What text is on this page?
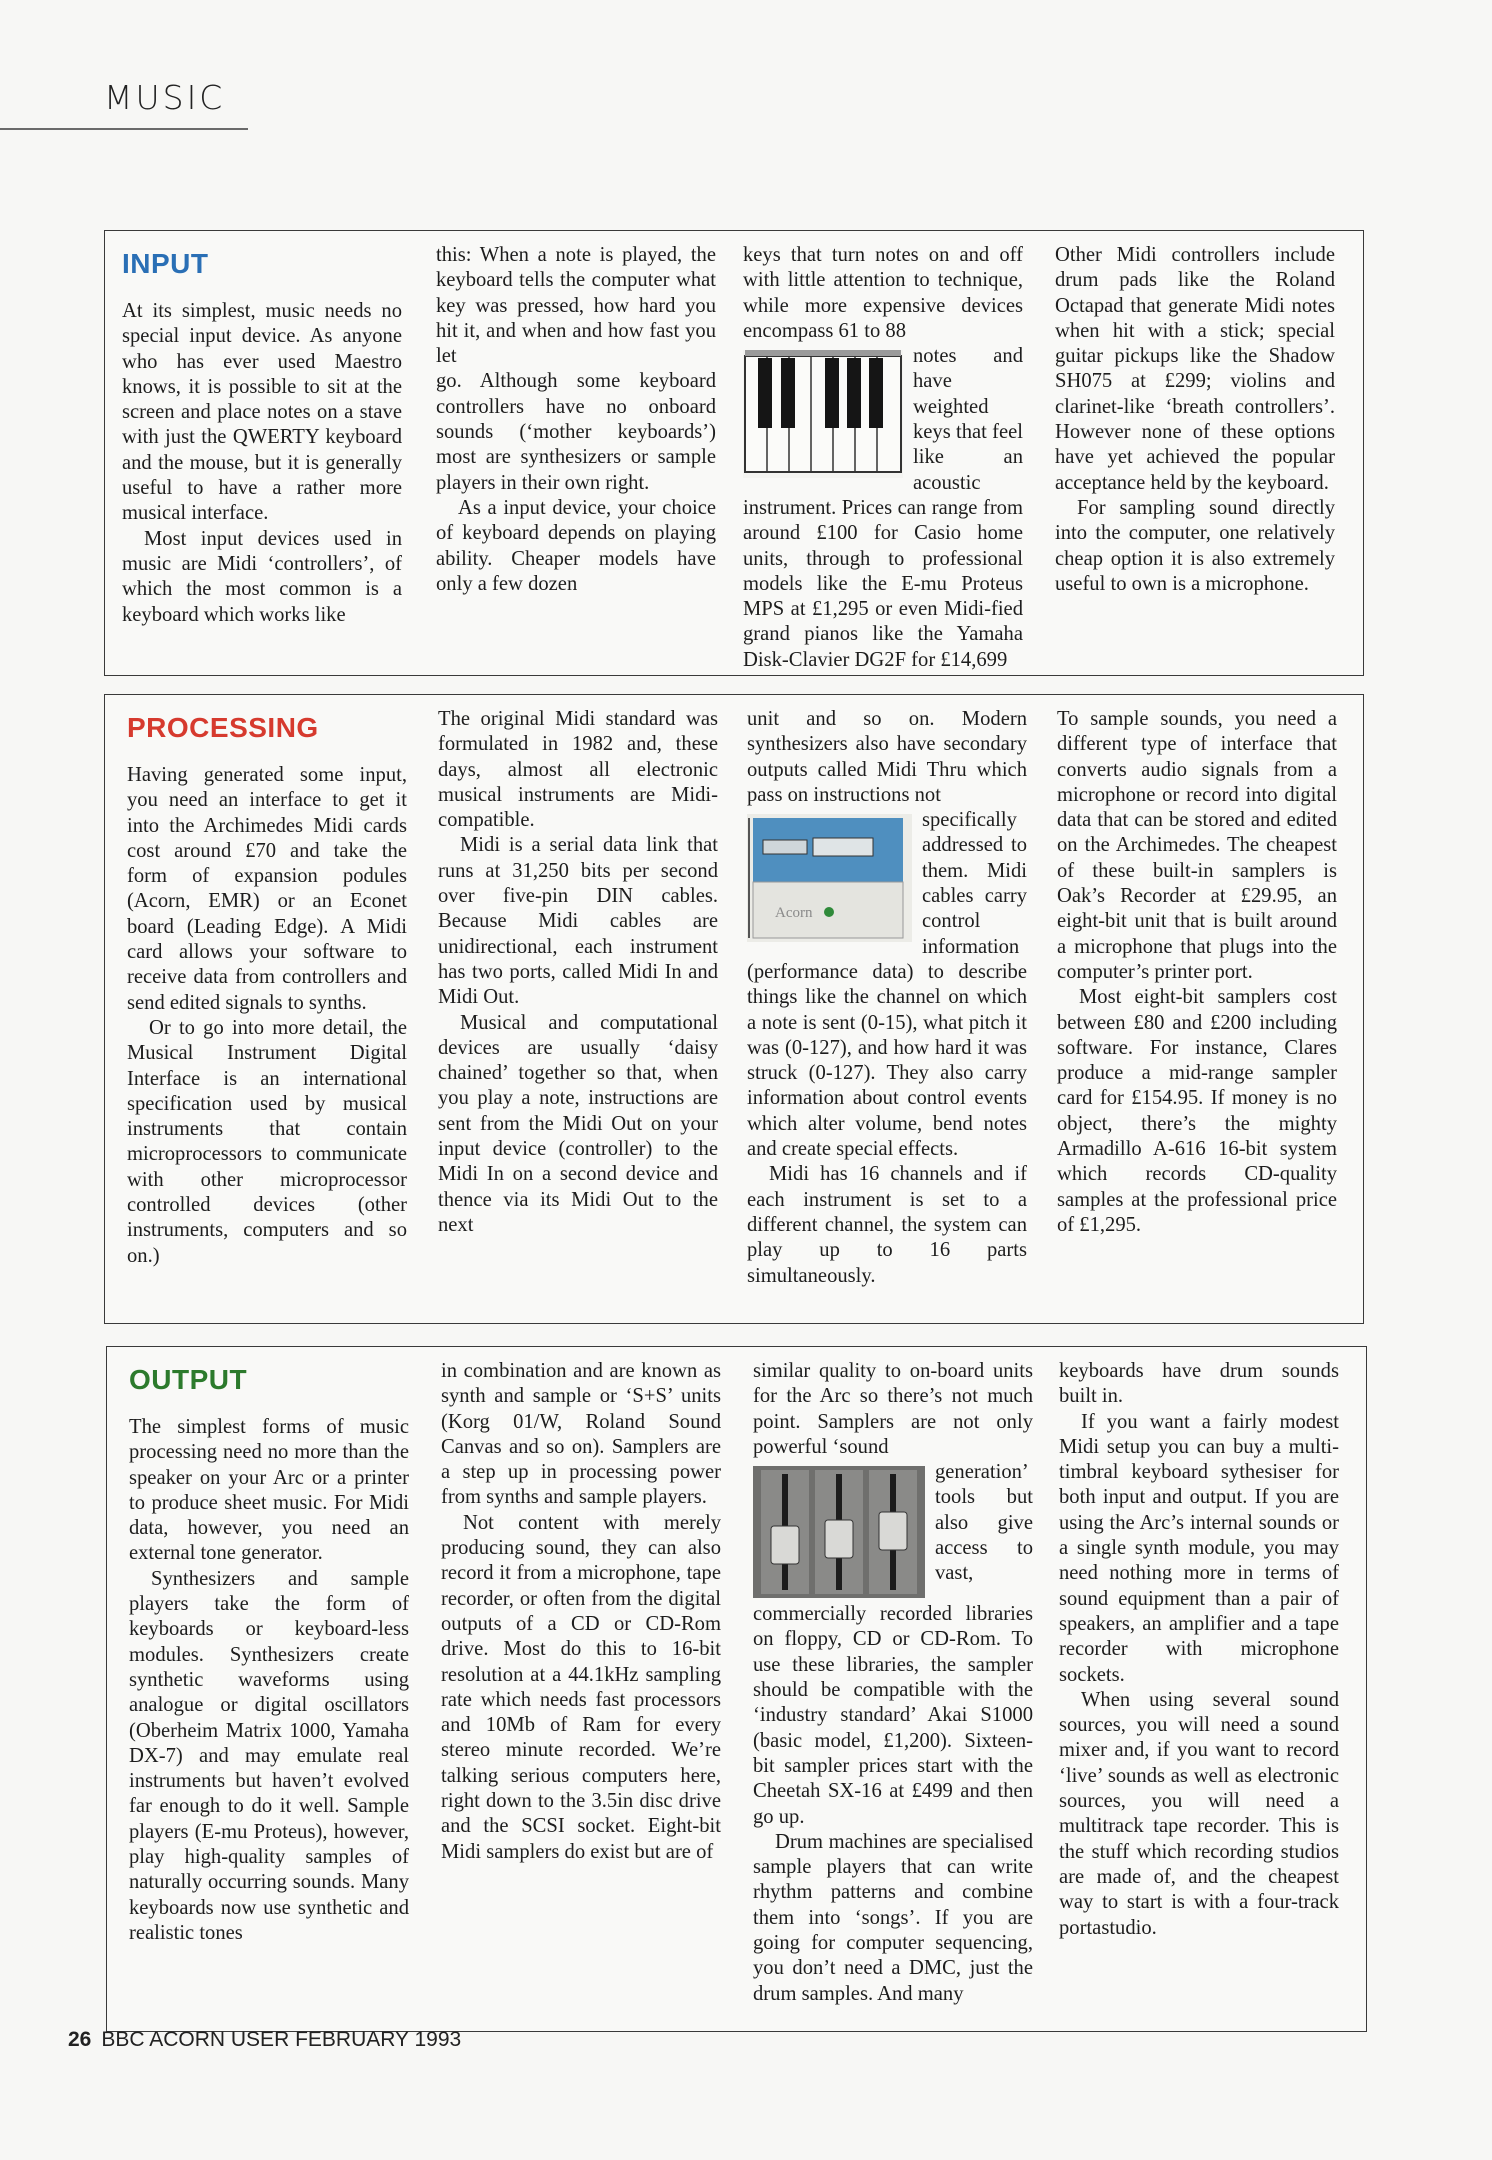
MUSIC
INPUT

At its simplest, music needs no special input device. As anyone who has ever used Maestro knows, it is possible to sit at the screen and place notes on a stave with just the QWERTY keyboard and the mouse, but it is generally useful to have a rather more musical interface.

Most input devices used in music are Midi ‘controllers’, of which the most common is a keyboard which works like

this: When a note is played, the keyboard tells the computer what key was pressed, how hard you hit it, and when and how fast you let

go. Although some keyboard controllers have no onboard sounds (‘mother keyboards’) most are synthesizers or sample players in their own right.

As a input device, your choice of keyboard depends on playing ability. Cheaper models have only a few dozen

keys that turn notes on and off with little attention to technique, while more expensive devices encompass 61 to 88

notes and have weighted keys that feel like an acoustic instrument. Prices can range from around £100 for Casio home units, through to professional models like the E-mu Proteus MPS at £1,295 or even Midi-fied grand pianos like the Yamaha Disk-Clavier DG2F for £14,699

Other Midi controllers include drum pads like the Roland Octapad that generate Midi notes when hit with a stick; special guitar pickups like the Shadow SH075 at £299; violins and clarinet-like ‘breath controllers’. However none of these options have yet achieved the popular acceptance held by the keyboard.

For sampling sound directly into the computer, one relatively cheap option it is also extremely useful to own is a microphone.

PROCESSING

Having generated some input, you need an interface to get it into the Archimedes Midi cards cost around £70 and take the form of expansion podules (Acorn, EMR) or an Econet board (Leading Edge). A Midi card allows your software to receive data from controllers and send edited signals to synths.

Or to go into more detail, the Musical Instrument Digital Interface is an international specification used by musical instruments that contain microprocessors to communicate with other microprocessor controlled devices (other instruments, computers and so on.)

The original Midi standard was formulated in 1982 and, these days, almost all electronic musical instruments are Midi-compatible.

Midi is a serial data link that runs at 31,250 bits per second over five-pin DIN cables. Because Midi cables are unidirectional, each instrument has two ports, called Midi In and Midi Out.

Musical and computational devices are usually ‘daisy chained’ together so that, when you play a note, instructions are sent from the Midi Out on your input device (controller) to the Midi In on a second device and thence via its Midi Out to the next

unit and so on. Modern synthesizers also have secondary outputs called Midi Thru which pass on instructions not

Acorn

specifically addressed to them. Midi cables carry control information (performance data) to describe things like the channel on which a note is sent (0-15), what pitch it was (0-127), and how hard it was struck (0-127). They also carry information about control events which alter volume, bend notes and create special effects.

Midi has 16 channels and if each instrument is set to a different channel, the system can play up to 16 parts simultaneously.

To sample sounds, you need a different type of interface that converts audio signals from a microphone or record into digital data that can be stored and edited on the Archimedes. The cheapest of these built-in samplers is Oak’s Recorder at £29.95, an eight-bit unit that is built around a microphone that plugs into the computer’s printer port.

Most eight-bit samplers cost between £80 and £200 including software. For instance, Clares produce a mid-range sampler card for £154.95. If money is no object, there’s the mighty Armadillo A-616 16-bit system which records CD-quality samples at the professional price of £1,295.

OUTPUT

The simplest forms of music processing need no more than the speaker on your Arc or a printer to produce sheet music. For Midi data, however, you need an external tone generator.

Synthesizers and sample players take the form of keyboards or keyboard-less modules. Synthesizers create synthetic waveforms using analogue or digital oscillators (Oberheim Matrix 1000, Yamaha DX-7) and may emulate real instruments but haven’t evolved far enough to do it well. Sample players (E-mu Proteus), however, play high-quality samples of naturally occurring sounds. Many keyboards now use synthetic and realistic tones

in combination and are known as synth and sample or ‘S+S’ units (Korg 01/W, Roland Sound Canvas and so on). Samplers are a step up in processing power from synths and sample players.

Not content with merely producing sound, they can also record it from a microphone, tape recorder, or often from the digital outputs of a CD or CD-Rom drive. Most do this to 16-bit resolution at a 44.1kHz sampling rate which needs fast processors and 10Mb of Ram for every stereo minute recorded. We’re talking serious computers here, right down to the 3.5in disc drive and the SCSI socket. Eight-bit Midi samplers do exist but are of

similar quality to on-board units for the Arc so there’s not much point. Samplers are not only powerful ‘sound

generation’ tools but also give access to vast, commercially recorded libraries on floppy, CD or CD-Rom. To use these libraries, the sampler should be compatible with the ‘industry standard’ Akai S1000 (basic model, £1,200). Sixteen-bit sampler prices start with the Cheetah SX-16 at £499 and then go up.

Drum machines are specialised sample players that can write rhythm patterns and combine them into ‘songs’. If you are going for computer sequencing, you don’t need a DMC, just the drum samples. And many

keyboards have drum sounds built in.

If you want a fairly modest Midi setup you can buy a multi-timbral keyboard sythesiser for both input and output. If you are using the Arc’s internal sounds or a single synth module, you may need nothing more in terms of sound equipment than a pair of speakers, an amplifier and a tape recorder with microphone sockets.

When using several sound sources, you will need a sound mixer and, if you want to record ‘live’ sounds as well as electronic sources, you will need a multitrack tape recorder. This is the stuff which recording studios are made of, and the cheapest way to start is with a four-track portastudio.

26 BBC ACORN USER FEBRUARY 1993
